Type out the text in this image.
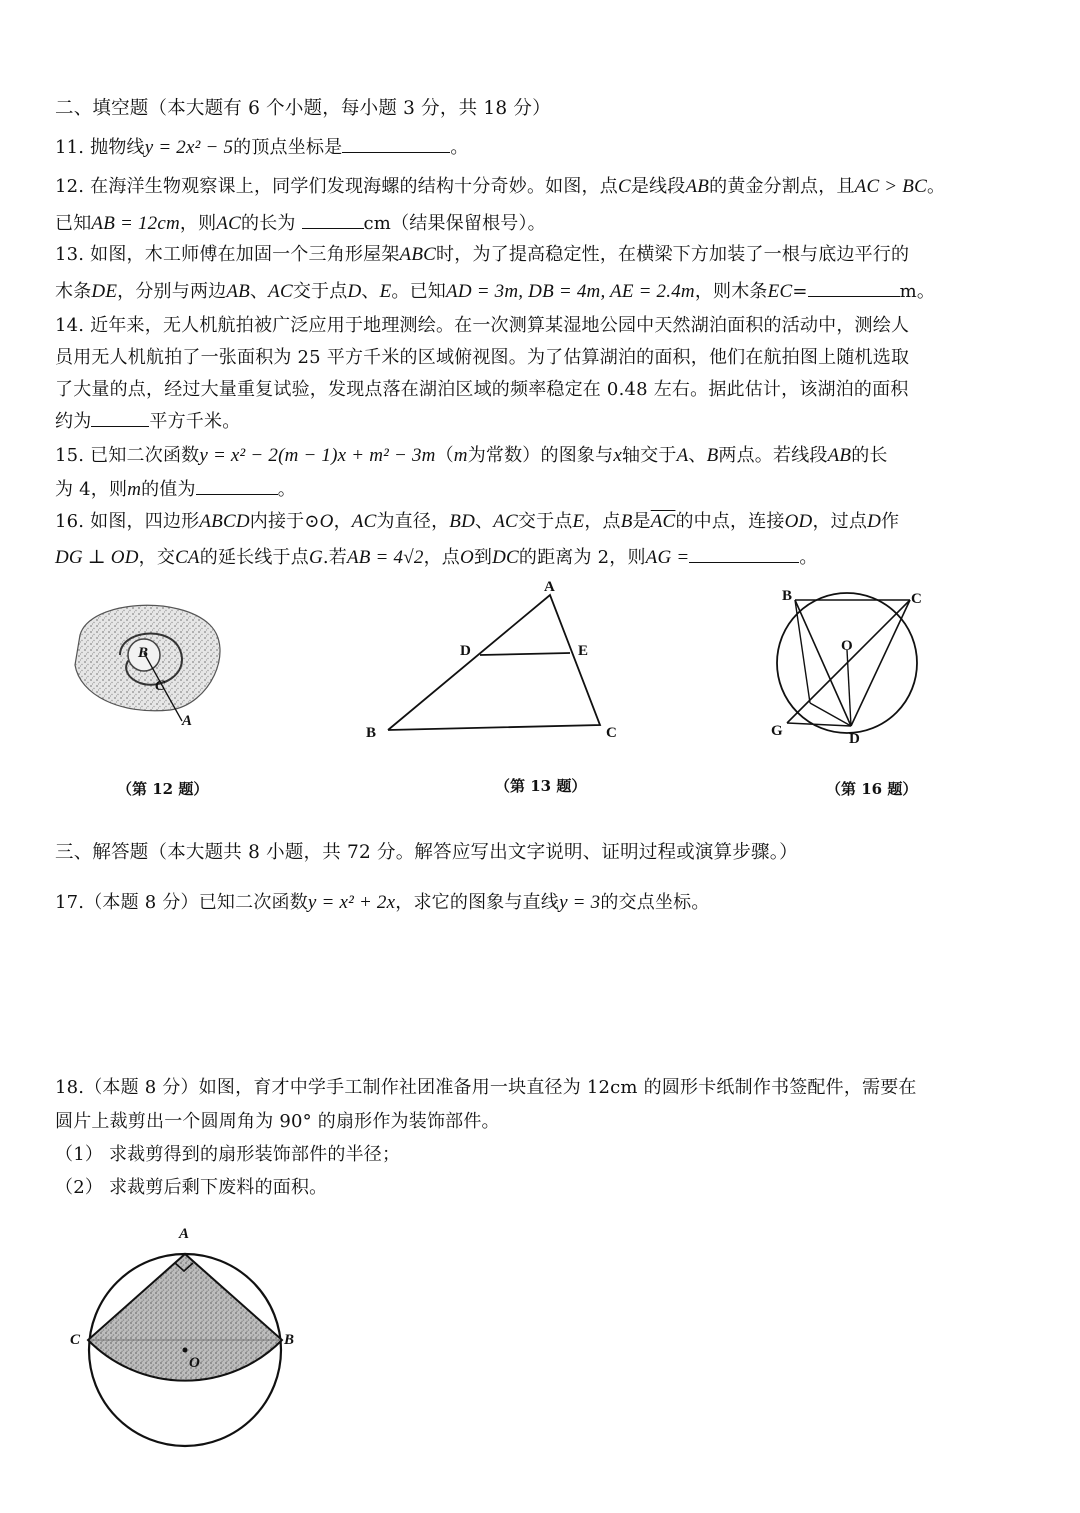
二、填空题（本大题有 6 个小题，每小题 3 分，共 18 分）
11. 抛物线y = 2x² − 5的顶点坐标是	。
12. 在海洋生物观察课上，同学们发现海螺的结构十分奇妙。如图，点C是线段AB的黄金分割点，且AC > BC。
已知AB = 12cm，则AC的长为	cm（结果保留根号）。
13. 如图，木工师傅在加固一个三角形屋架ABC时，为了提高稳定性，在横梁下方加装了一根与底边平行的
木条DE，分别与两边AB、AC交于点D、E。已知AD = 3m, DB = 4m, AE = 2.4m，则木条EC=	m。
14. 近年来，无人机航拍被广泛应用于地理测绘。在一次测算某湿地公园中天然湖泊面积的活动中，测绘人
员用无人机航拍了一张面积为 25 平方千米的区域俯视图。为了估算湖泊的面积，他们在航拍图上随机选取
了大量的点，经过大量重复试验，发现点落在湖泊区域的频率稳定在 0.48 左右。据此估计，该湖泊的面积
约为	平方千米。
15. 已知二次函数y = x² − 2(m − 1)x + m² − 3m（m为常数）的图象与x轴交于A、B两点。若线段AB的长
为 4，则m的值为	。
16. 如图，四边形ABCD内接于⊙O，AC为直径，BD、AC交于点E，点B是$\overline{AC}$的中点，连接OD，过点D作
DG ⊥ OD，交CA的延长线于点G.若AB = 4√2，点O到DC的距离为 2，则AG =	。
B
C
A
（第 12 题）
A
B	C
D	E
（第 13 题）
B	C
O
G	D
（第 16 题）
三、解答题（本大题共 8 小题，共 72 分。解答应写出文字说明、证明过程或演算步骤。）
17.（本题 8 分）已知二次函数y = x² + 2x，求它的图象与直线y = 3的交点坐标。
18.（本题 8 分）如图，育才中学手工制作社团准备用一块直径为 12cm 的圆形卡纸制作书签配件，需要在
圆片上裁剪出一个圆周角为 90° 的扇形作为装饰部件。
（1） 求裁剪得到的扇形装饰部件的半径；
（2） 求裁剪后剩下废料的面积。
A
C	B
O
